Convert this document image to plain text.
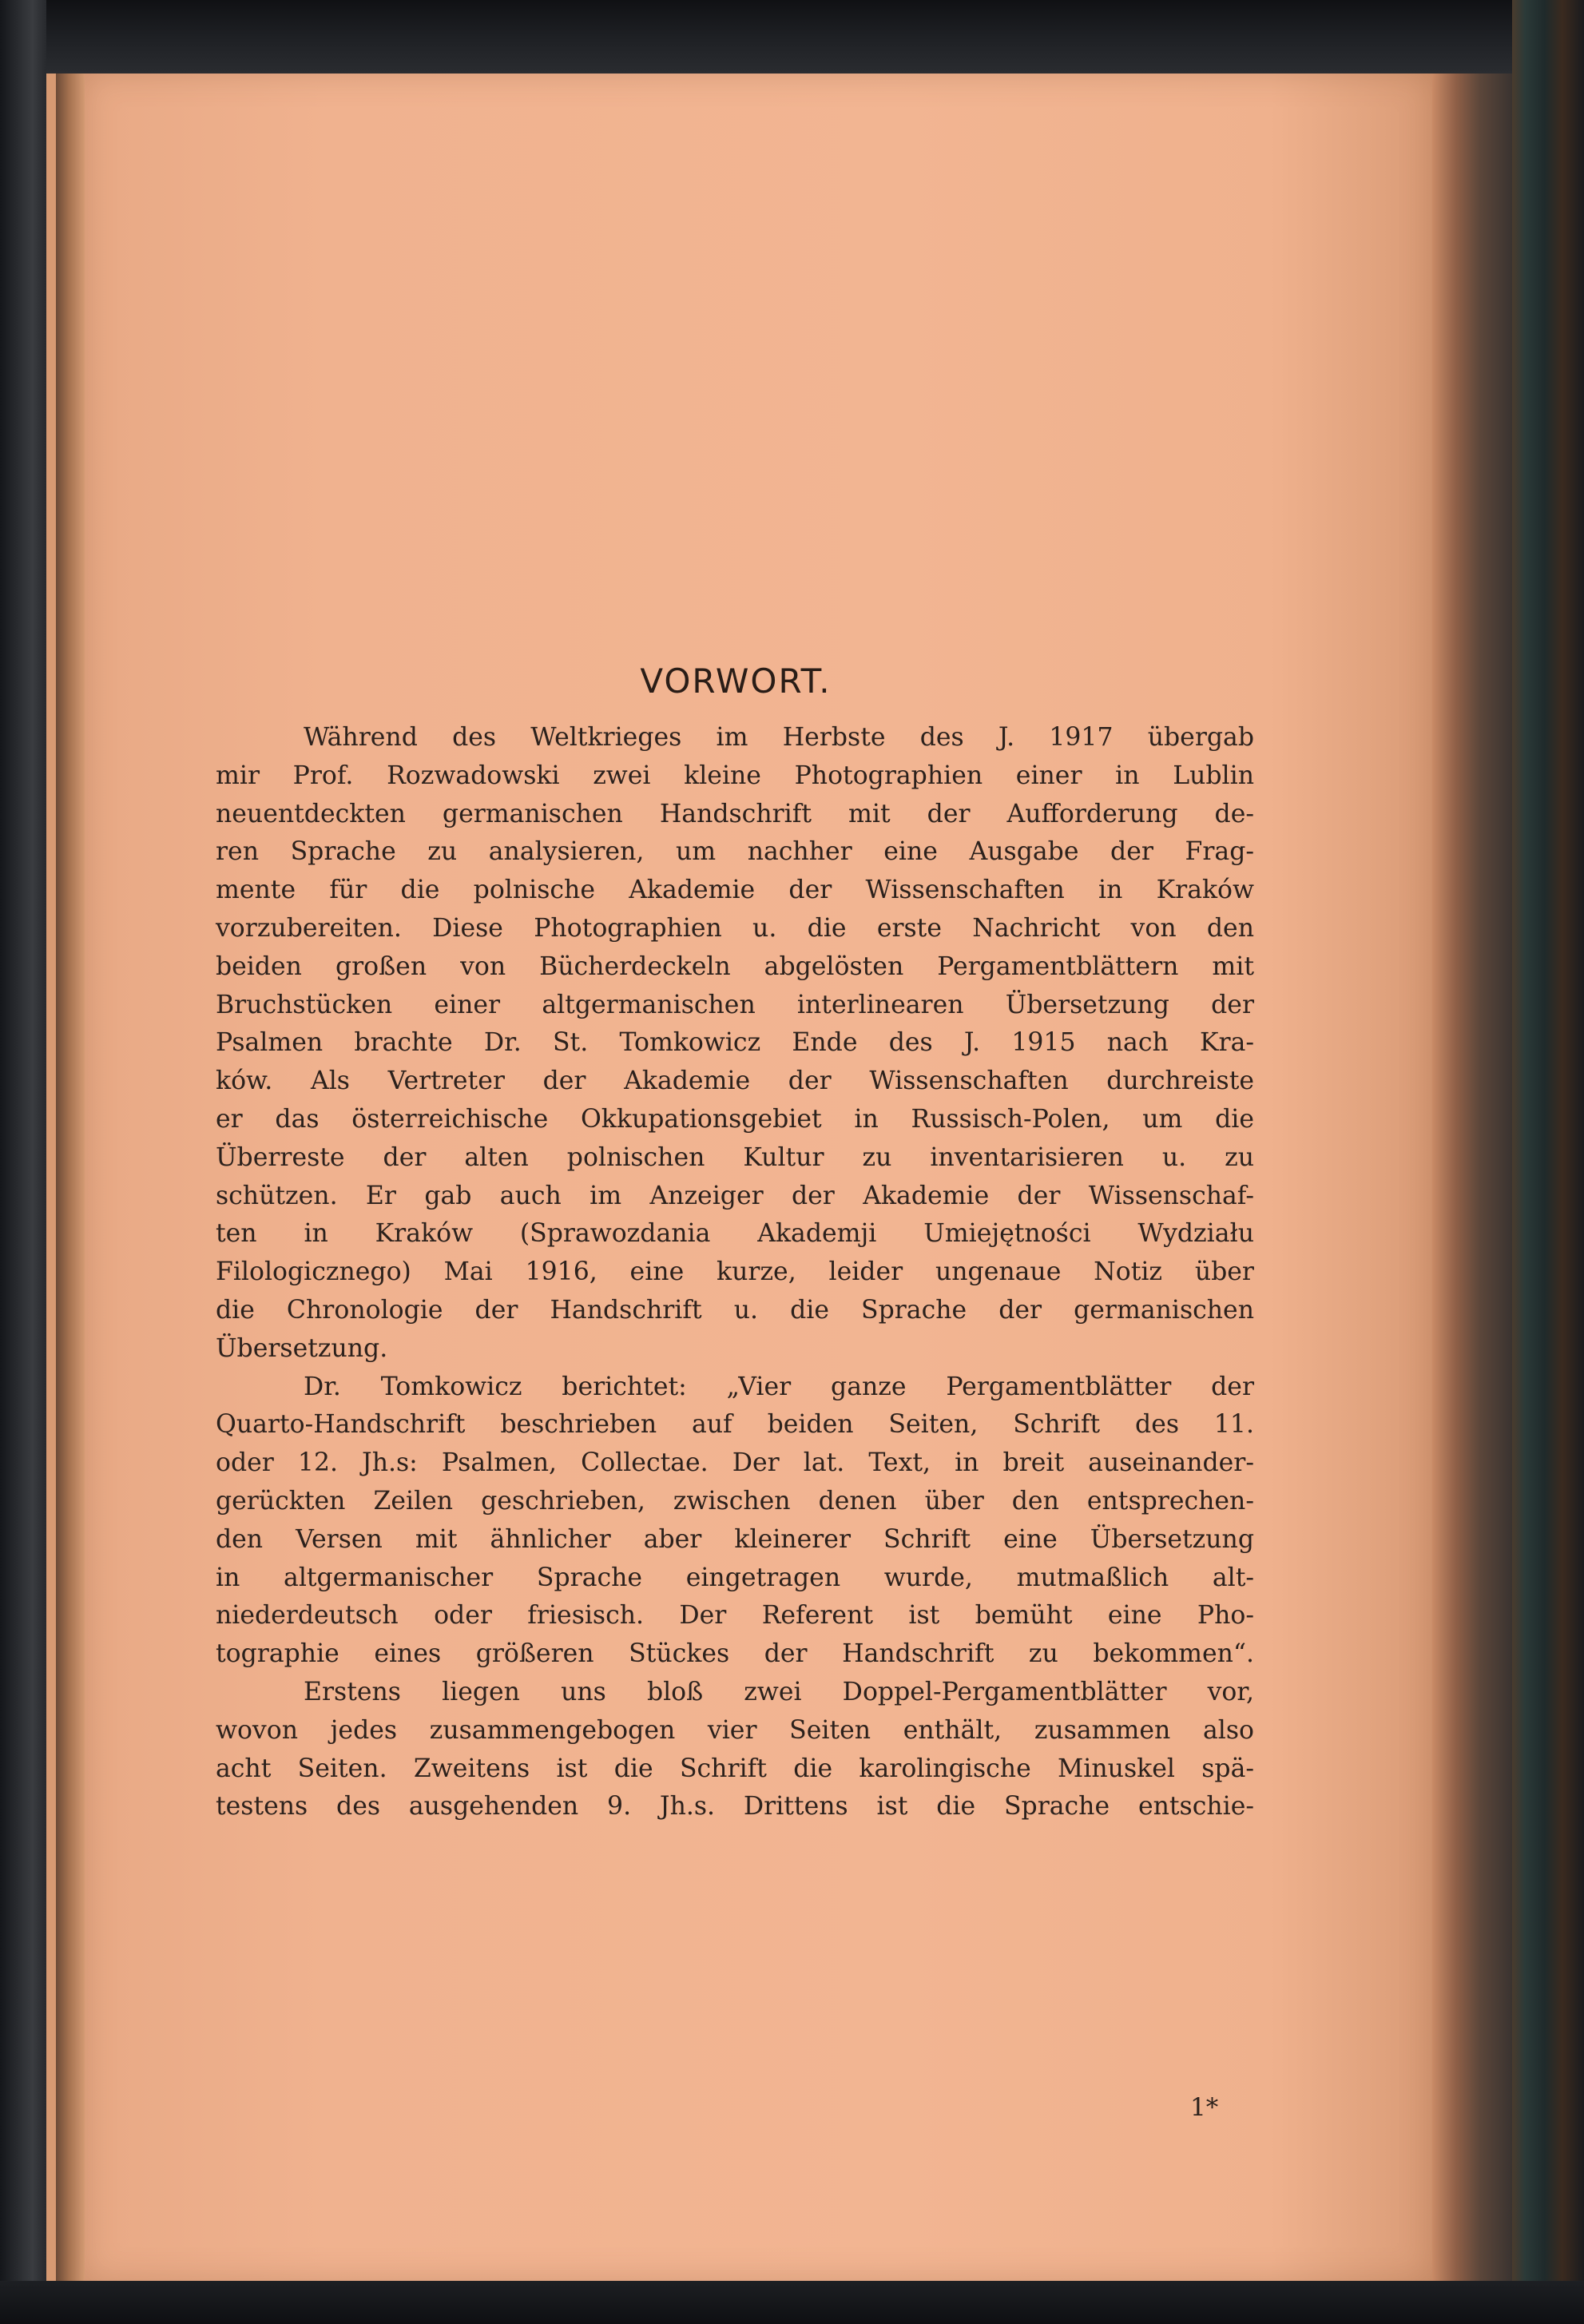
VORWORT.
Während des Weltkrieges im Herbste des J. 1917 übergab
mir Prof. Rozwadowski zwei kleine Photographien einer in Lublin
neuentdeckten germanischen Handschrift mit der Aufforderung de-
ren Sprache zu analysieren, um nachher eine Ausgabe der Frag-
mente für die polnische Akademie der Wissenschaften in Kraków
vorzubereiten. Diese Photographien u. die erste Nachricht von den
beiden großen von Bücherdeckeln abgelösten Pergamentblättern mit
Bruchstücken einer altgermanischen interlinearen Übersetzung der
Psalmen brachte Dr. St. Tomkowicz Ende des J. 1915 nach Kra-
ków. Als Vertreter der Akademie der Wissenschaften durchreiste
er das österreichische Okkupationsgebiet in Russisch-Polen, um die
Überreste der alten polnischen Kultur zu inventarisieren u. zu
schützen. Er gab auch im Anzeiger der Akademie der Wissenschaf-
ten in Kraków (Sprawozdania Akademji Umiejętności Wydziału
Filologicznego) Mai 1916, eine kurze, leider ungenaue Notiz über
die Chronologie der Handschrift u. die Sprache der germanischen
Übersetzung.
Dr. Tomkowicz berichtet: „Vier ganze Pergamentblätter der
Quarto-Handschrift beschrieben auf beiden Seiten, Schrift des 11.
oder 12. Jh.s: Psalmen, Collectae. Der lat. Text, in breit auseinander-
gerückten Zeilen geschrieben, zwischen denen über den entsprechen-
den Versen mit ähnlicher aber kleinerer Schrift eine Übersetzung
in altgermanischer Sprache eingetragen wurde, mutmaßlich alt-
niederdeutsch oder friesisch. Der Referent ist bemüht eine Pho-
tographie eines größeren Stückes der Handschrift zu bekommen“.
Erstens liegen uns bloß zwei Doppel-Pergamentblätter vor,
wovon jedes zusammengebogen vier Seiten enthält, zusammen also
acht Seiten. Zweitens ist die Schrift die karolingische Minuskel spä-
testens des ausgehenden 9. Jh.s. Drittens ist die Sprache entschie-
1*
